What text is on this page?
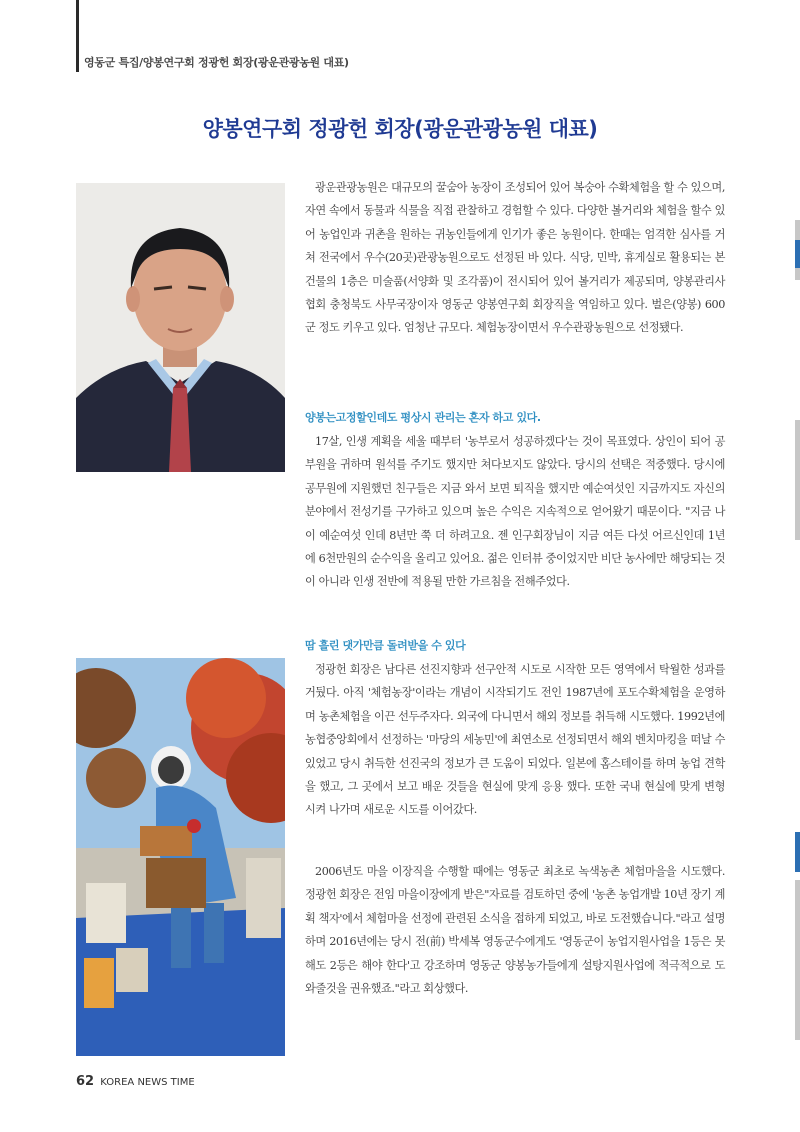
영동군 특집/양봉연구회 정광헌 회장(광운관광농원 대표)
양봉연구회 정광헌 회장(광운관광농원 대표)

광운관광농원은 대규모의 꿀숨아 농장이 조성되어 있어 복숭아 수확체험을 할 수 있으며, 자연 속에서 동물과 식물을 직접 관찰하고 경험할 수 있다. 다양한 볼거리와 체험을 할수 있어 농업인과 귀촌을 원하는 귀농인들에게 인기가 좋은 농원이다. 한때는 엄격한 심사를 거쳐 전국에서 우수(20곳)관광농원으로도 선정된 바 있다. 식당, 민박, 휴게실로 활용되는 본 건물의 1층은 미술품(서양화 및 조각품)이 전시되어 있어 볼거리가 제공되며, 양봉관리사협회 충청북도 사무국장이자 영동군 양봉연구회 회장직을 역임하고 있다. 벌은(양봉) 600군 정도 키우고 있다. 엄청난 규모다. 체험농장이면서 우수관광농원으로 선정됐다.

양봉는고정할인데도 평상시 관리는 혼자 하고 있다.

17살, 인생 계획을 세울 때부터 '농부로서 성공하겠다'는 것이 목표였다. 상인이 되어 공부원을 귀하며 원석를 주기도 했지만 쳐다보지도 않았다. 당시의 선택은 적중했다. 당시에 공무원에 지원했던 친구들은 지금 와서 보면 퇴직을 했지만 예순여섯인 지금까지도 자신의 분야에서 전성기를 구가하고 있으며 높은 수익은 지속적으로 얻어왔기 때문이다. "지금 나이 예순여섯 인데 8년만 쭉 더 하려고요. 젠 인구회장님이 지금 여든 다섯 어르신인데 1년에 6천만원의 순수익을 올리고 있어요. 젊은 인터뷰 중이었지만 비단 농사에만 해당되는 것이 아니라 인생 전반에 적용될 만한 가르침을 전해주었다.

땀 흘린 댓가만큼 돌려받을 수 있다

정광헌 회장은 남다른 선진지향과 선구안적 시도로 시작한 모든 영역에서 탁월한 성과를 거뒀다. 아직 '체험농장'이라는 개념이 시작되기도 전인 1987년에 포도수확체험을 운영하며 농촌체험을 이끈 선두주자다. 외국에 다니면서 해외 정보를 취득해 시도했다. 1992년에 농협중앙회에서 선정하는 '마당의 세농민'에 최연소로 선정되면서 해외 벤치마킹을 떠날 수 있었고 당시 취득한 선진국의 정보가 큰 도움이 되었다. 일본에 홈스테이를 하며 농업 견학을 했고, 그 곳에서 보고 배운 것들을 현실에 맞게 응용 했다. 또한 국내 현실에 맞게 변형 시켜 나가며 새로운 시도를 이어갔다.

2006년도 마을 이장직을 수행할 때에는 영동군 최초로 녹색농촌 체험마을을 시도했다. 정광헌 회장은 전임 마을이장에게 받은"자료를 검토하던 중에 '농촌 농업개발 10년 장기 계획 책자'에서 체험마을 선정에 관련된 소식을 접하게 되었고, 바로 도전했습니다."라고 설명하며 2016년에는 당시 전(前) 박세복 영동군수에게도 '영동군이 농업지원사업을 1등은 못해도 2등은 해야 한다'고 강조하며 영동군 양봉농가들에게 설탕지원사업에 적극적으로 도와줄것을 권유했죠."라고 회상했다.

62 KOREA NEWS TIME
